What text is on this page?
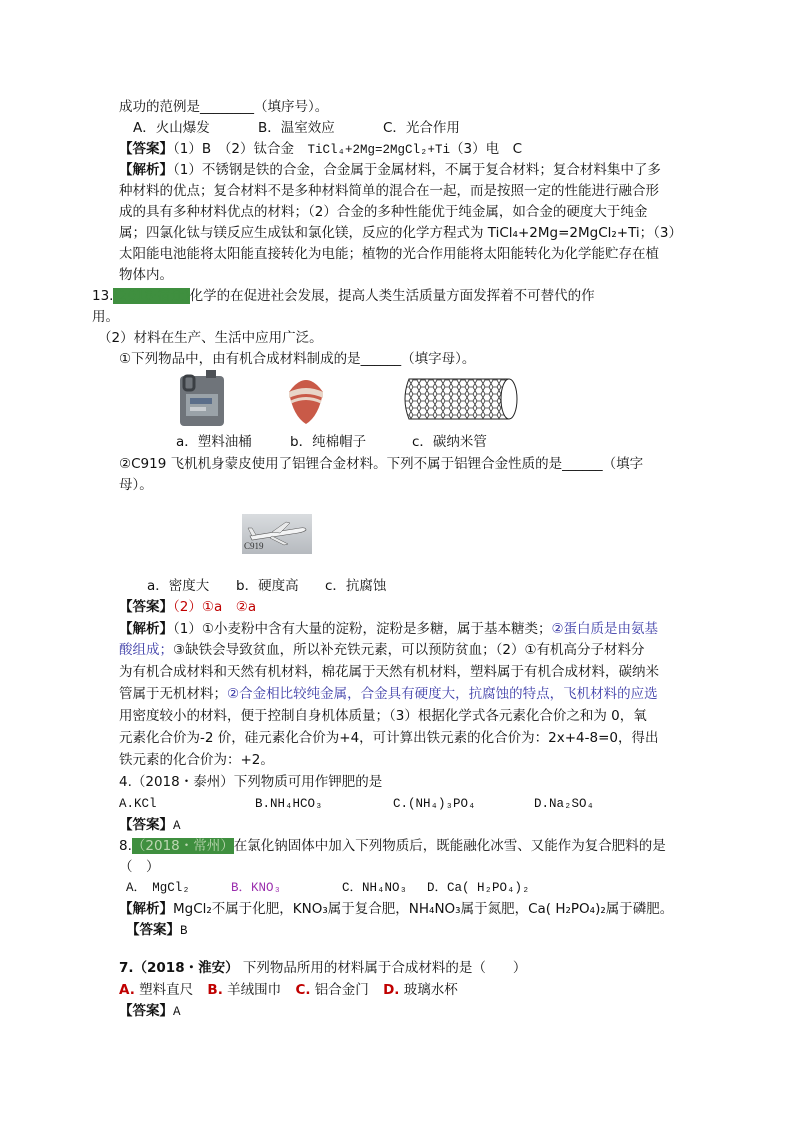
成功的范例是________（填序号）。
A．火山爆发	B．温室效应	C．光合作用
【答案】（1）B　（2）钛合金　TiCl₄+2Mg=2MgCl₂+Ti（3）电　C
【解析】（1）不锈钢是铁的合金，合金属于金属材料，不属于复合材料；复合材料集中了多
种材料的优点；复合材料不是多种材料简单的混合在一起，而是按照一定的性能进行融合形
成的具有多种材料优点的材料；（2）合金的多种性能优于纯金属，如合金的硬度大于纯金
属；四氯化钛与镁反应生成钛和氯化镁，反应的化学方程式为 TiCl₄+2Mg=2MgCl₂+Ti；（3）
太阳能电池能将太阳能直接转化为电能；植物的光合作用能将太阳能转化为化学能贮存在植
物体内。
13.(2018·宿迁)化学的在促进社会发展，提高人类生活质量方面发挥着不可替代的作
用。
（2）材料在生产、生活中应用广泛。
①下列物品中，由有机合成材料制成的是______（填字母）。
a．塑料油桶	b．纯棉帽子	c．碳纳米管
②C919 飞机机身蒙皮使用了铝锂合金材料。下列不属于铝锂合金性质的是______（填字
母）。
C919
a．密度大 b．硬度高 c．抗腐蚀
【答案】（2）①a　②a
【解析】（1）①小麦粉中含有大量的淀粉，淀粉是多糖，属于基本糖类；②蛋白质是由氨基
酸组成；③缺铁会导致贫血，所以补充铁元素，可以预防贫血；（2）①有机高分子材料分
为有机合成材料和天然有机材料，棉花属于天然有机材料，塑料属于有机合成材料，碳纳米
管属于无机材料；②合金相比较纯金属，合金具有硬度大，抗腐蚀的特点，飞机材料的应选
用密度较小的材料，便于控制自身机体质量；（3）根据化学式各元素化合价之和为 0，氧
元素化合价为-2 价，硅元素化合价为+4，可计算出铁元素的化合价为：2x+4-8=0，得出
铁元素的化合价为：+2。
4.（2018・泰州）下列物质可用作钾肥的是
A.KCl	B.NH₄HCO₃	C.(NH₄)₃PO₄	D.Na₂SO₄
【答案】A
8.（2018・常州）在氯化钠固体中加入下列物质后，既能融化冰雪、又能作为复合肥料的是
（　）
A．　MgCl₂	B．KNO₃	C．NH₄NO₃ D．Ca( H₂PO₄)₂
【解析】MgCl₂不属于化肥，KNO₃属于复合肥，NH₄NO₃属于氮肥，Ca( H₂PO₄)₂属于磷肥。
【答案】B
7.（2018・淮安） 下列物品所用的材料属于合成材料的是（　　）
A. 塑料直尺 B. 羊绒围巾 C. 铝合金门 D. 玻璃水杯
【答案】A
